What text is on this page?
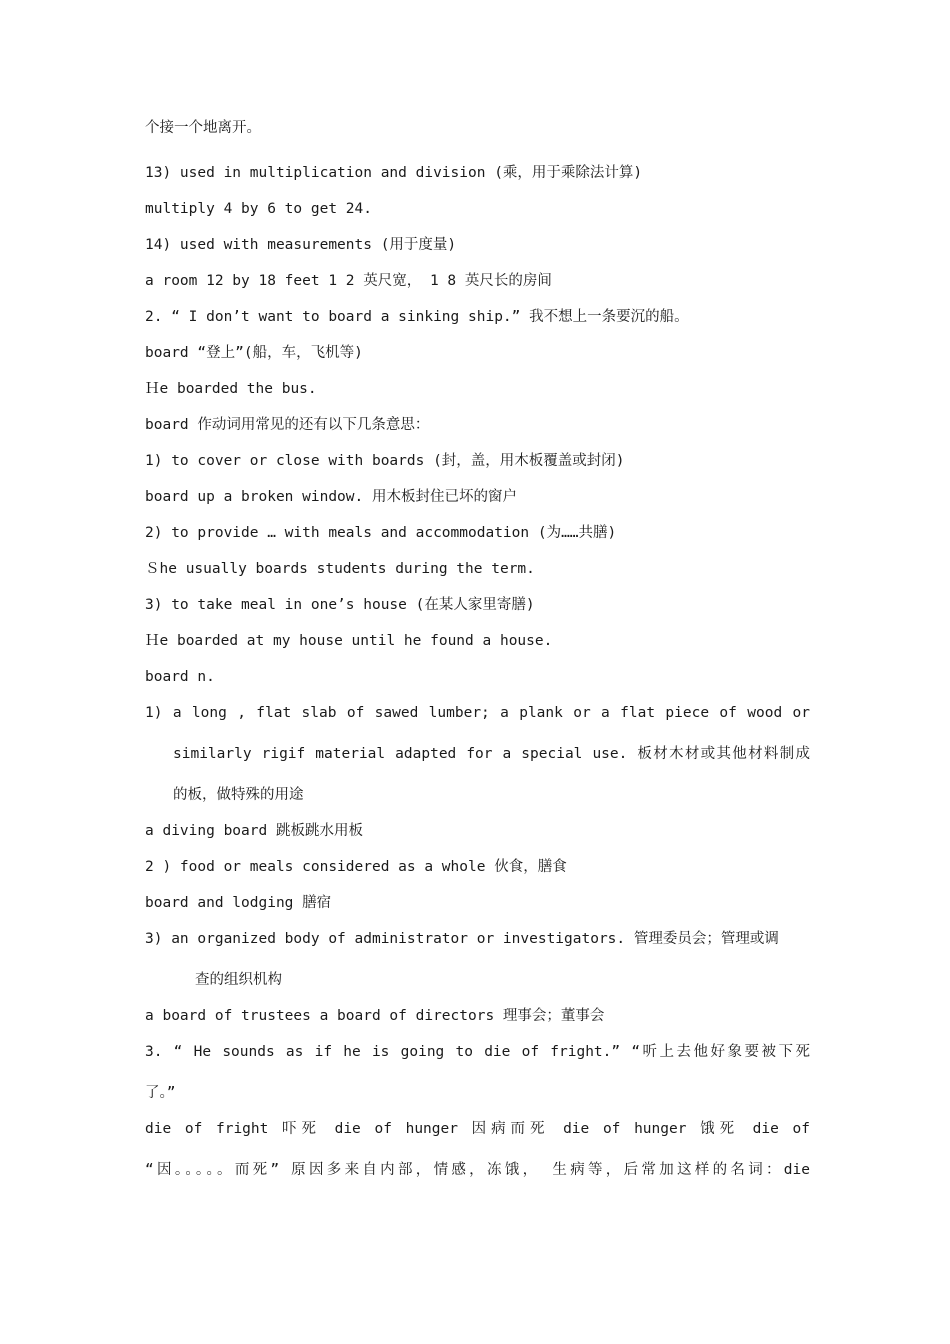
个接一个地离开。
13) used in multiplication and division (乘，用于乘除法计算)
multiply 4 by 6 to get 24.
14) used with measurements (用于度量)
a room 12 by 18 feet 1 2 英尺宽， 1 8 英尺长的房间
2. “ I don’t want to board a sinking ship.” 我不想上一条要沉的船。
board “登上”(船，车，飞机等)
Ｈe boarded the bus.
board 作动词用常见的还有以下几条意思：
1) to cover or close with boards (封，盖，用木板覆盖或封闭)
board up a broken window. 用木板封住已坏的窗户
2) to provide … with meals and accommodation (为……共膳)
Ｓhe usually boards students during the term.
3) to take meal in one’s house (在某人家里寄膳)
Ｈe boarded at my house until he found a house.
board n.
1) a long , flat slab of sawed lumber; a plank or a flat piece of wood or
similarly rigif material adapted for a special use. 板材木材或其他材料制成
的板，做特殊的用途
a diving board 跳板跳水用板
2 ) food or meals considered as a whole 伙食，膳食
board and lodging 膳宿
3) an organized body of administrator or investigators. 管理委员会；管理或调
查的组织机构
a board of trustees a board of directors 理事会；董事会
3. “ He sounds as if he is going to die of fright.” “听上去他好象要被下死
了。”
die of fright 吓死 die of hunger 因病而死 die of hunger 饿死 die of
“因。。。。。而死” 原因多来自内部，情感，冻饿， 生病等，后常加这样的名词：die
